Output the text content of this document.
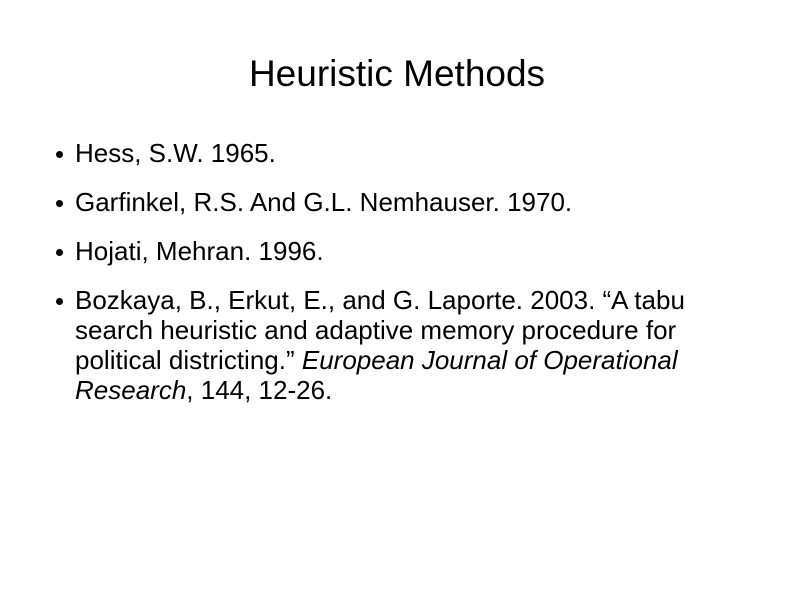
Heuristic Methods
Hess, S.W. 1965.
Garfinkel, R.S. And G.L. Nemhauser. 1970.
Hojati, Mehran. 1996.
Bozkaya, B., Erkut, E., and G. Laporte. 2003. “A tabu search heuristic and adaptive memory procedure for political districting.” European Journal of Operational Research, 144, 12-26.
